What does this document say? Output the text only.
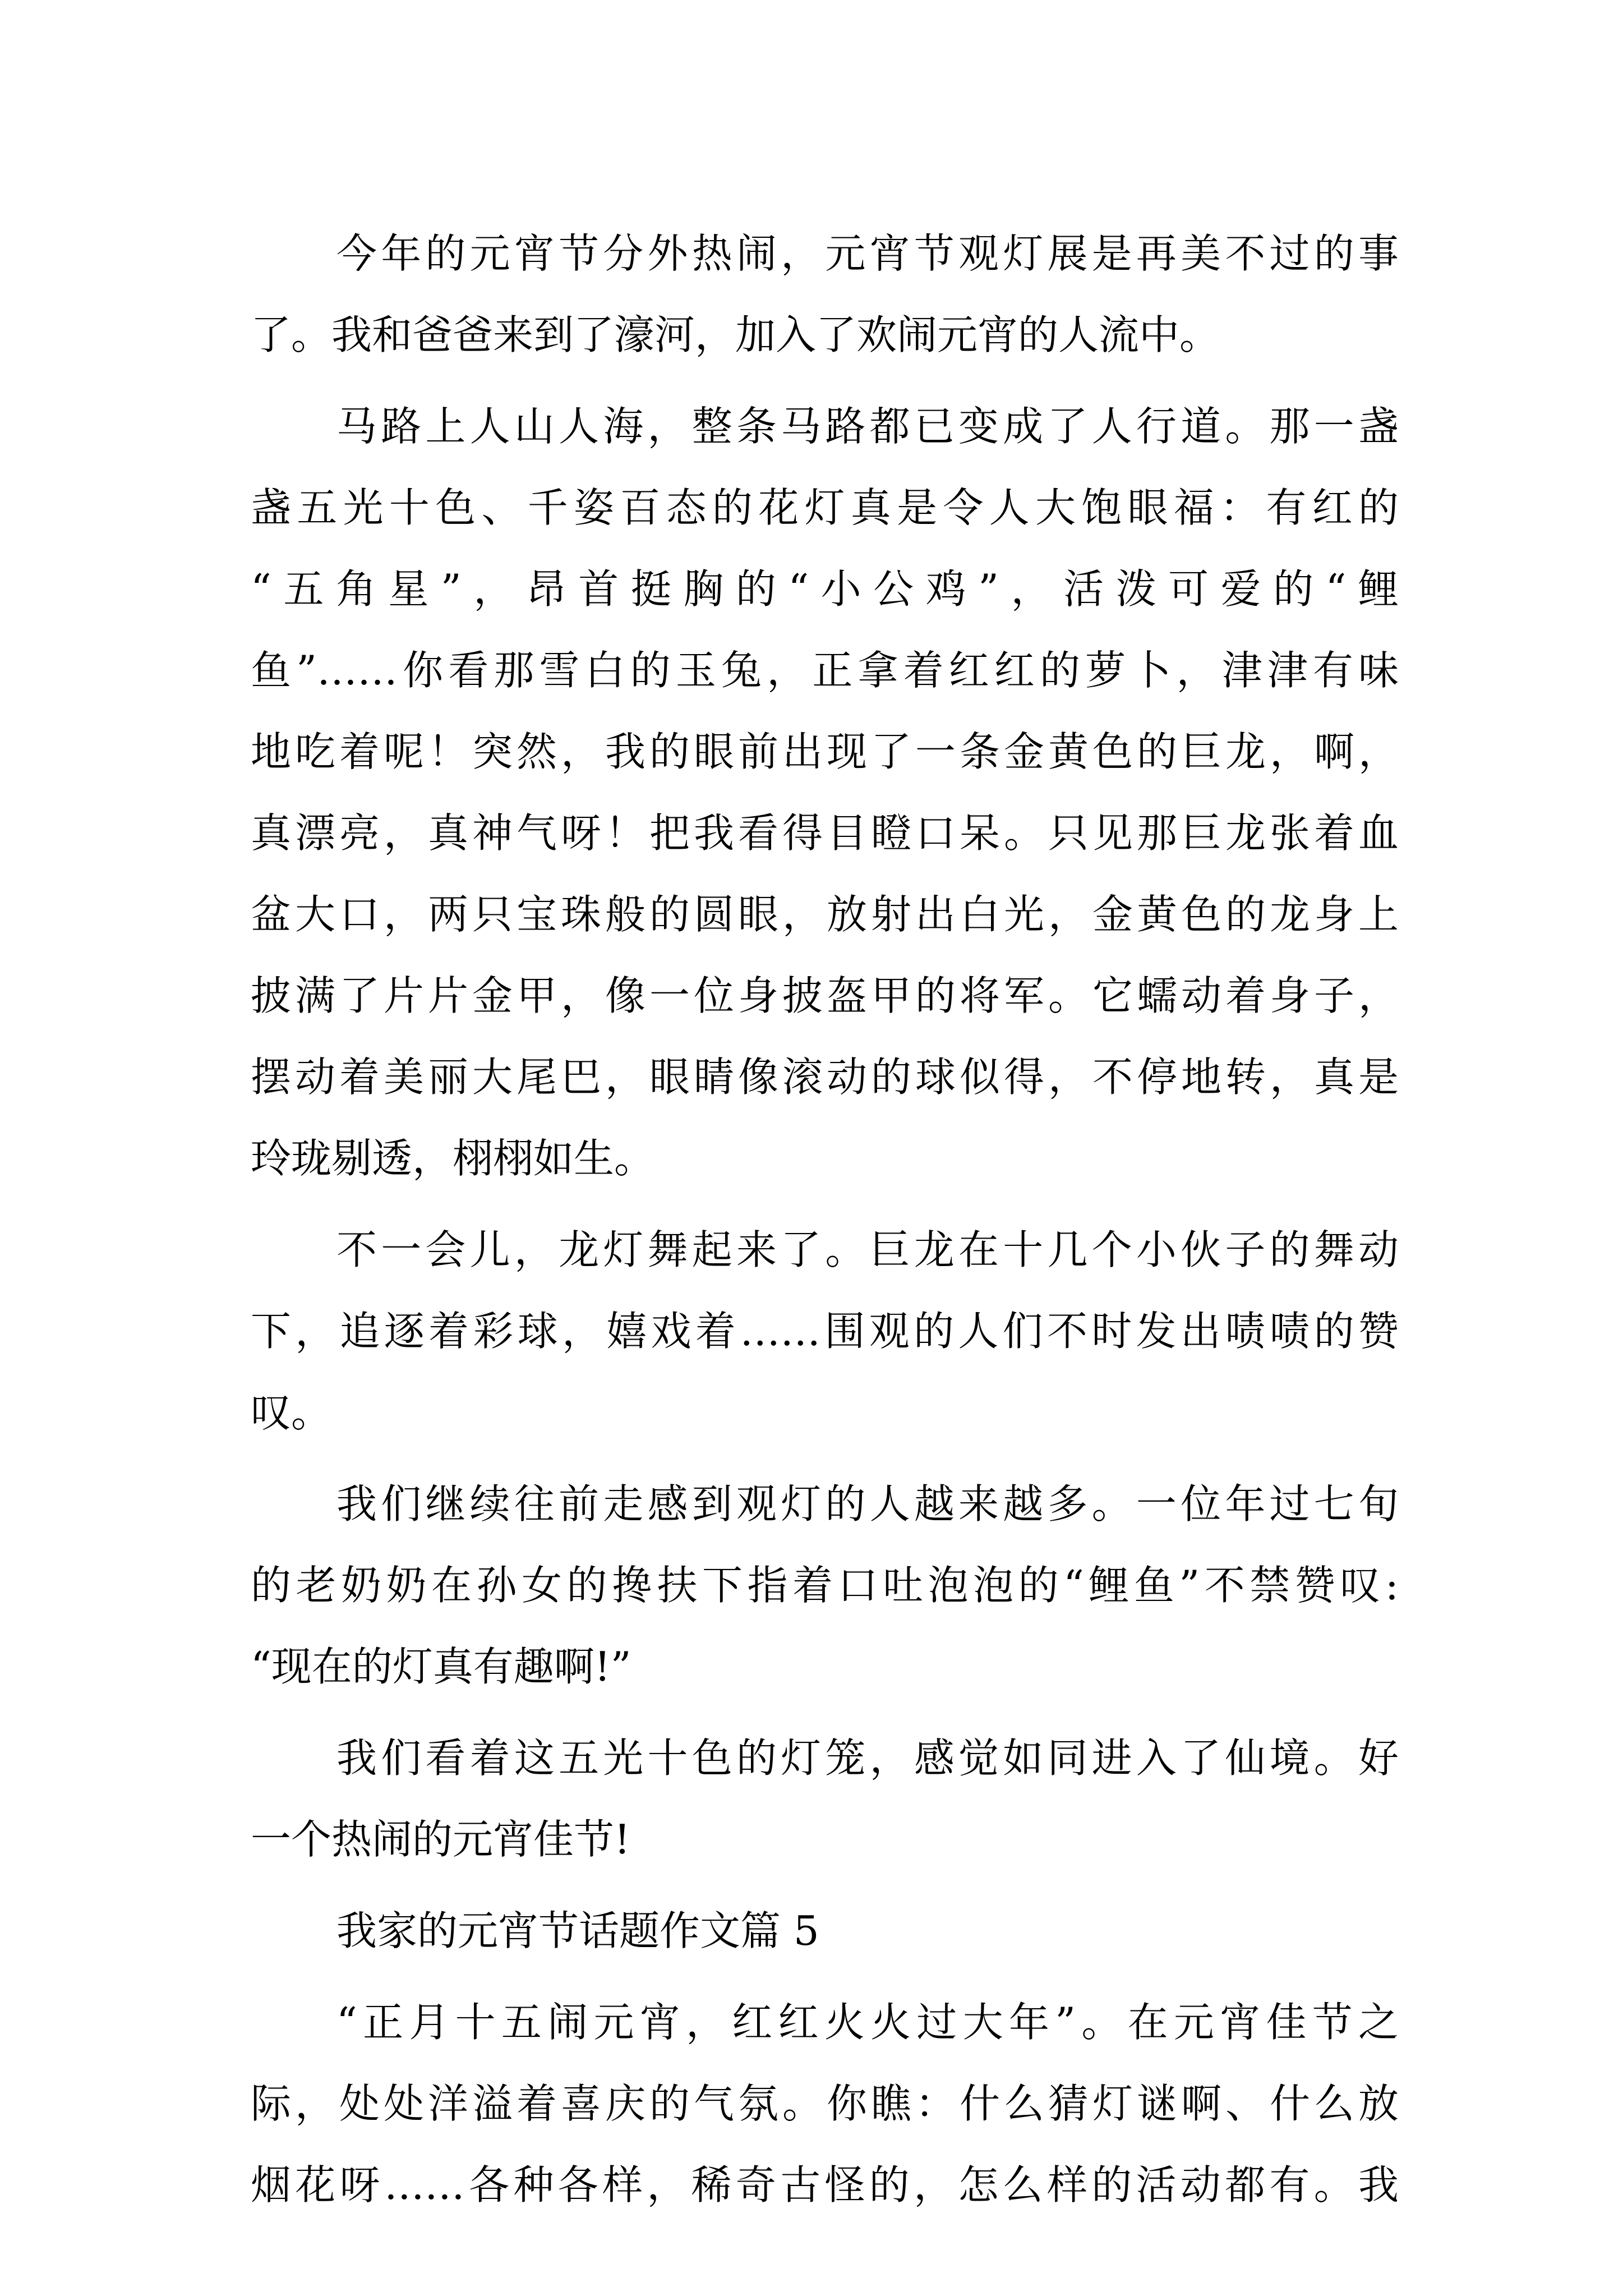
今年的元宵节分外热闹，元宵节观灯展是再美不过的事
了。我和爸爸来到了濠河，加入了欢闹元宵的人流中。
马路上人山人海，整条马路都已变成了人行道。那一盏
盏五光十色、千姿百态的花灯真是令人大饱眼福：有红的
“五角星”，昂首挺胸的“小公鸡”，活泼可爱的“鲤
鱼”……你看那雪白的玉兔，正拿着红红的萝卜，津津有味
地吃着呢！突然，我的眼前出现了一条金黄色的巨龙，啊，
真漂亮，真神气呀！把我看得目瞪口呆。只见那巨龙张着血
盆大口，两只宝珠般的圆眼，放射出白光，金黄色的龙身上
披满了片片金甲，像一位身披盔甲的将军。它蠕动着身子，
摆动着美丽大尾巴，眼睛像滚动的球似得，不停地转，真是
玲珑剔透，栩栩如生。
不一会儿，龙灯舞起来了。巨龙在十几个小伙子的舞动
下，追逐着彩球，嬉戏着……围观的人们不时发出啧啧的赞
叹。
我们继续往前走感到观灯的人越来越多。一位年过七旬
的老奶奶在孙女的搀扶下指着口吐泡泡的“鲤鱼”不禁赞叹:
“现在的灯真有趣啊!”
我们看着这五光十色的灯笼，感觉如同进入了仙境。好
一个热闹的元宵佳节!
我家的元宵节话题作文篇 5
“正月十五闹元宵，红红火火过大年”。在元宵佳节之
际，处处洋溢着喜庆的气氛。你瞧：什么猜灯谜啊、什么放
烟花呀……各种各样，稀奇古怪的，怎么样的活动都有。我
